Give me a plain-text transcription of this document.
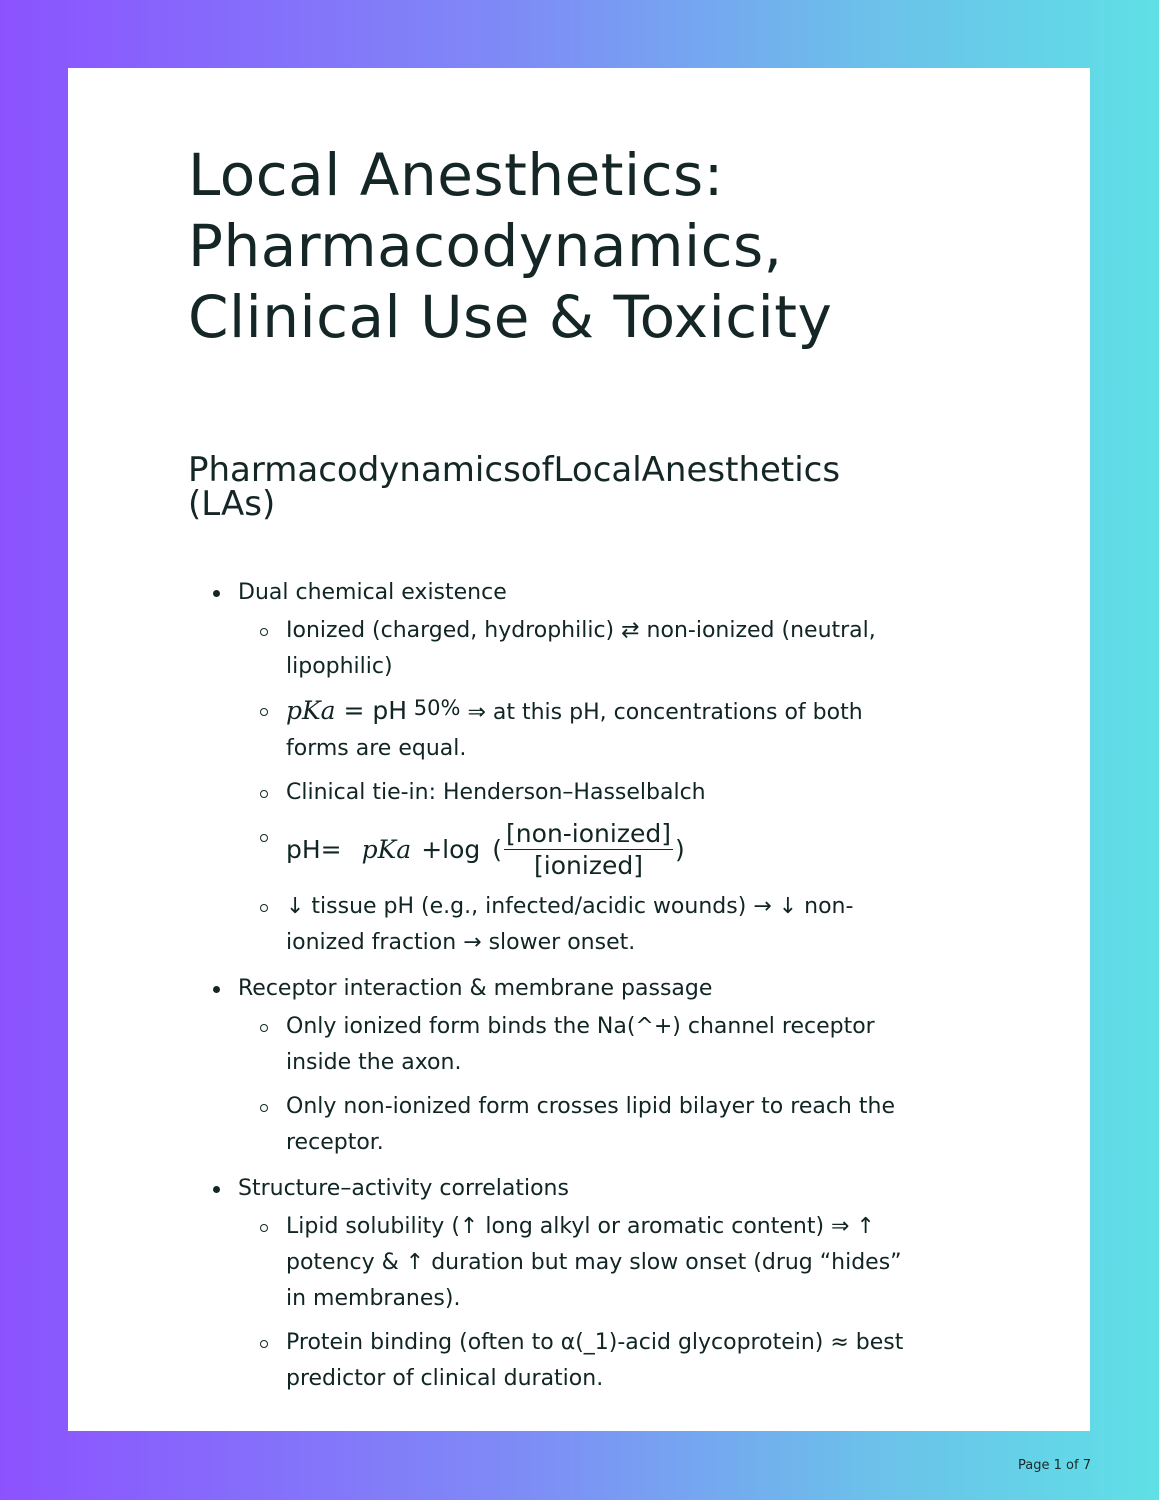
Local Anesthetics:
Pharmacodynamics,
Clinical Use & Toxicity
PharmacodynamicsofLocalAnesthetics (LAs)
Dual chemical existence
Ionized (charged, hydrophilic) ⇄ non-ionized (neutral, lipophilic)
pKa = pH 50% ⇒ at this pH, concentrations of both forms are equal.
Clinical tie-in: Henderson–Hasselbalch
pH= pKa +log ( $\frac{\text{[non-ionized]}}{\text{[ionized]}}$ )
↓ tissue pH (e.g., infected/acidic wounds) → ↓ non-ionized fraction → slower onset.
Receptor interaction & membrane passage
Only ionized form binds the Na(^+) channel receptor inside the axon.
Only non-ionized form crosses lipid bilayer to reach the receptor.
Structure–activity correlations
Lipid solubility (↑ long alkyl or aromatic content) ⇒ ↑ potency & ↑ duration but may slow onset (drug “hides” in membranes).
Protein binding (often to α(_1)-acid glycoprotein) ≈ best predictor of clinical duration.
Page 1 of 7
